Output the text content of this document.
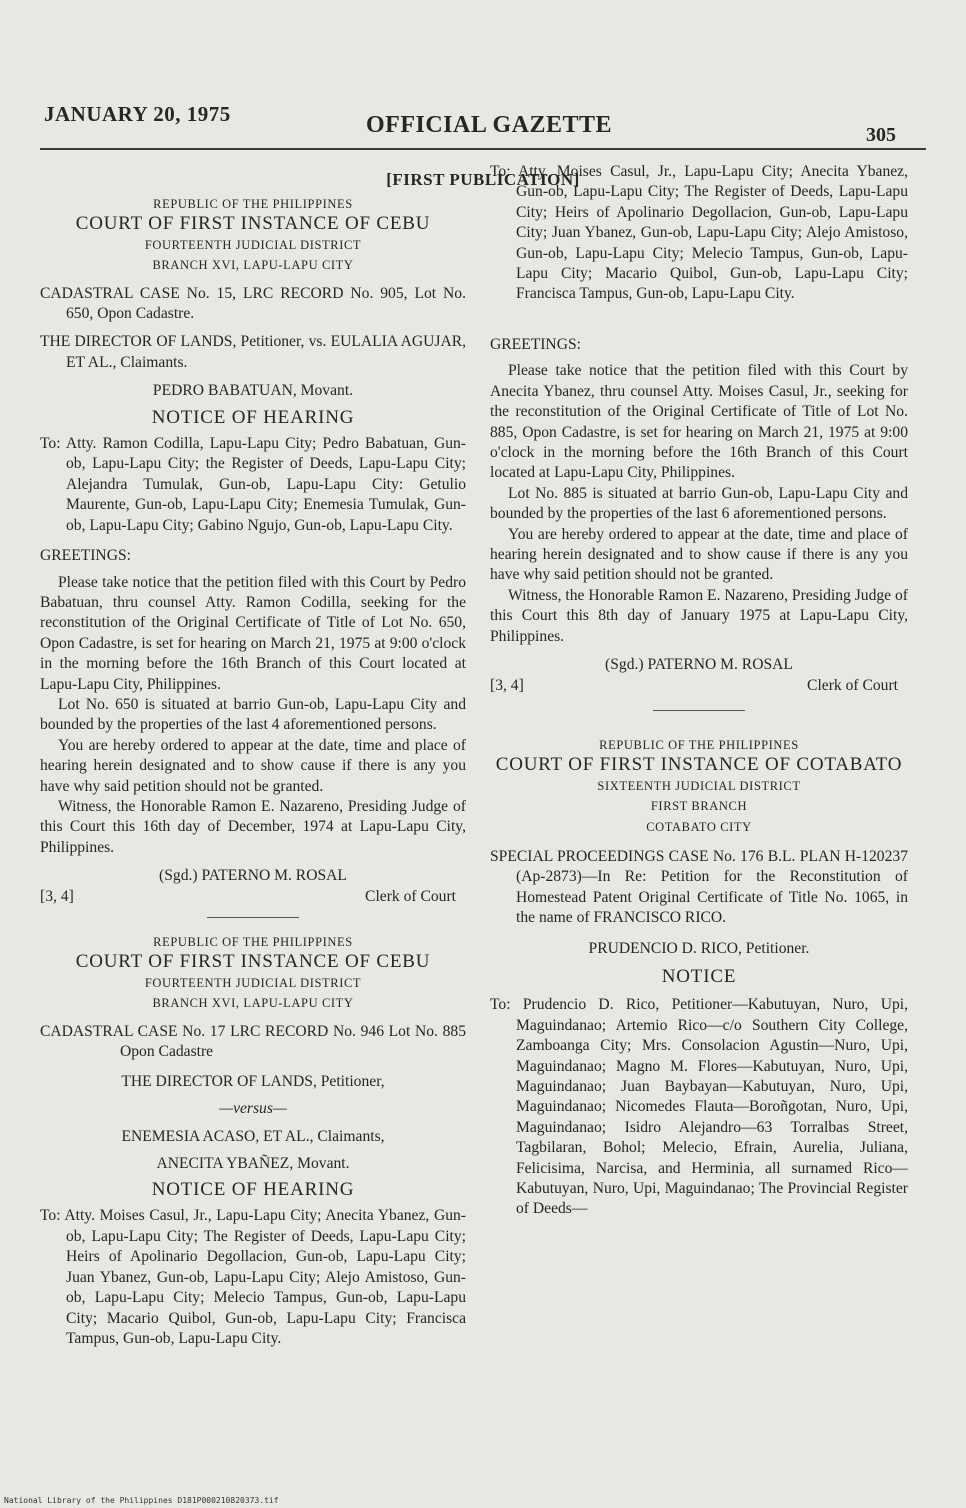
JANUARY 20, 1975	OFFICIAL GAZETTE	305
[FIRST PUBLICATION]

REPUBLIC OF THE PHILIPPINES

COURT OF FIRST INSTANCE OF CEBU

FOURTEENTH JUDICIAL DISTRICT

BRANCH XVI, LAPU-LAPU CITY

CADASTRAL CASE No. 15, LRC RECORD No. 905, Lot No. 650, Opon Cadastre.

THE DIRECTOR OF LANDS, Petitioner, vs. EULALIA AGUJAR, ET AL., Claimants.

PEDRO BABATUAN, Movant.

NOTICE OF HEARING

To: Atty. Ramon Codilla, Lapu-Lapu City; Pedro Babatuan, Gun-ob, Lapu-Lapu City; the Register of Deeds, Lapu-Lapu City; Alejandra Tumulak, Gun-ob, Lapu-Lapu City: Getulio Maurente, Gun-ob, Lapu-Lapu City; Enemesia Tumulak, Gun-ob, Lapu-Lapu City; Gabino Ngujo, Gun-ob, Lapu-Lapu City.

GREETINGS:

Please take notice that the petition filed with this Court by Pedro Babatuan, thru counsel Atty. Ramon Codilla, seeking for the reconstitution of the Original Certificate of Title of Lot No. 650, Opon Cadastre, is set for hearing on March 21, 1975 at 9:00 o'clock in the morning before the 16th Branch of this Court located at Lapu-Lapu City, Philippines.

Lot No. 650 is situated at barrio Gun-ob, Lapu-Lapu City and bounded by the properties of the last 4 aforementioned persons.

You are hereby ordered to appear at the date, time and place of hearing herein designated and to show cause if there is any you have why said petition should not be granted.

Witness, the Honorable Ramon E. Nazareno, Presiding Judge of this Court this 16th day of December, 1974 at Lapu-Lapu City, Philippines.

(Sgd.) PATERNO M. ROSAL

[3, 4]	Clerk of Court

REPUBLIC OF THE PHILIPPINES

COURT OF FIRST INSTANCE OF CEBU

FOURTEENTH JUDICIAL DISTRICT

BRANCH XVI, LAPU-LAPU CITY

CADASTRAL CASE No. 17 LRC RECORD No. 946 Lot No. 885 Opon Cadastre

THE DIRECTOR OF LANDS, Petitioner,

—versus—

ENEMESIA ACASO, ET AL., Claimants,

ANECITA YBAÑEZ, Movant.

NOTICE OF HEARING

To: Atty. Moises Casul, Jr., Lapu-Lapu City; Anecita Ybanez, Gun-ob, Lapu-Lapu City; The Register of Deeds, Lapu-Lapu City; Heirs of Apolinario Degollacion, Gun-ob, Lapu-Lapu City; Juan Ybanez, Gun-ob, Lapu-Lapu City; Alejo Amistoso, Gun-ob, Lapu-Lapu City; Melecio Tampus, Gun-ob, Lapu-Lapu City; Macario Quibol, Gun-ob, Lapu-Lapu City; Francisca Tampus, Gun-ob, Lapu-Lapu City.

To: Atty. Moises Casul, Jr., Lapu-Lapu City; Anecita Ybanez, Gun-ob, Lapu-Lapu City; The Register of Deeds, Lapu-Lapu City; Heirs of Apolinario Degollacion, Gun-ob, Lapu-Lapu City; Juan Ybanez, Gun-ob, Lapu-Lapu City; Alejo Amistoso, Gun-ob, Lapu-Lapu City; Melecio Tampus, Gun-ob, Lapu-Lapu City; Macario Quibol, Gun-ob, Lapu-Lapu City; Francisca Tampus, Gun-ob, Lapu-Lapu City.

GREETINGS:

Please take notice that the petition filed with this Court by Anecita Ybanez, thru counsel Atty. Moises Casul, Jr., seeking for the reconstitution of the Original Certificate of Title of Lot No. 885, Opon Cadastre, is set for hearing on March 21, 1975 at 9:00 o'clock in the morning before the 16th Branch of this Court located at Lapu-Lapu City, Philippines.

Lot No. 885 is situated at barrio Gun-ob, Lapu-Lapu City and bounded by the properties of the last 6 aforementioned persons.

You are hereby ordered to appear at the date, time and place of hearing herein designated and to show cause if there is any you have why said petition should not be granted.

Witness, the Honorable Ramon E. Nazareno, Presiding Judge of this Court this 8th day of January 1975 at Lapu-Lapu City, Philippines.

(Sgd.) PATERNO M. ROSAL

[3, 4]	Clerk of Court

REPUBLIC OF THE PHILIPPINES

COURT OF FIRST INSTANCE OF COTABATO

SIXTEENTH JUDICIAL DISTRICT

FIRST BRANCH

COTABATO CITY

SPECIAL PROCEEDINGS CASE No. 176 B.L. PLAN H-120237 (Ap-2873)—In Re: Petition for the Reconstitution of Homestead Patent Original Certificate of Title No. 1065, in the name of FRANCISCO RICO.

PRUDENCIO D. RICO, Petitioner.

NOTICE

To: Prudencio D. Rico, Petitioner—Kabutuyan, Nuro, Upi, Maguindanao; Artemio Rico—c/o Southern City College, Zamboanga City; Mrs. Consolacion Agustin—Nuro, Upi, Maguindanao; Magno M. Flores—Kabutuyan, Nuro, Upi, Maguindanao; Juan Baybayan—Kabutuyan, Nuro, Upi, Maguindanao; Nicomedes Flauta—Boroñgotan, Nuro, Upi, Maguindanao; Isidro Alejandro—63 Torralbas Street, Tagbilaran, Bohol; Melecio, Efrain, Aurelia, Juliana, Felicisima, Narcisa, and Herminia, all surnamed Rico—Kabutuyan, Nuro, Upi, Maguindanao; The Provincial Register of Deeds—

National Library of the Philippines D181P000210820373.tif
